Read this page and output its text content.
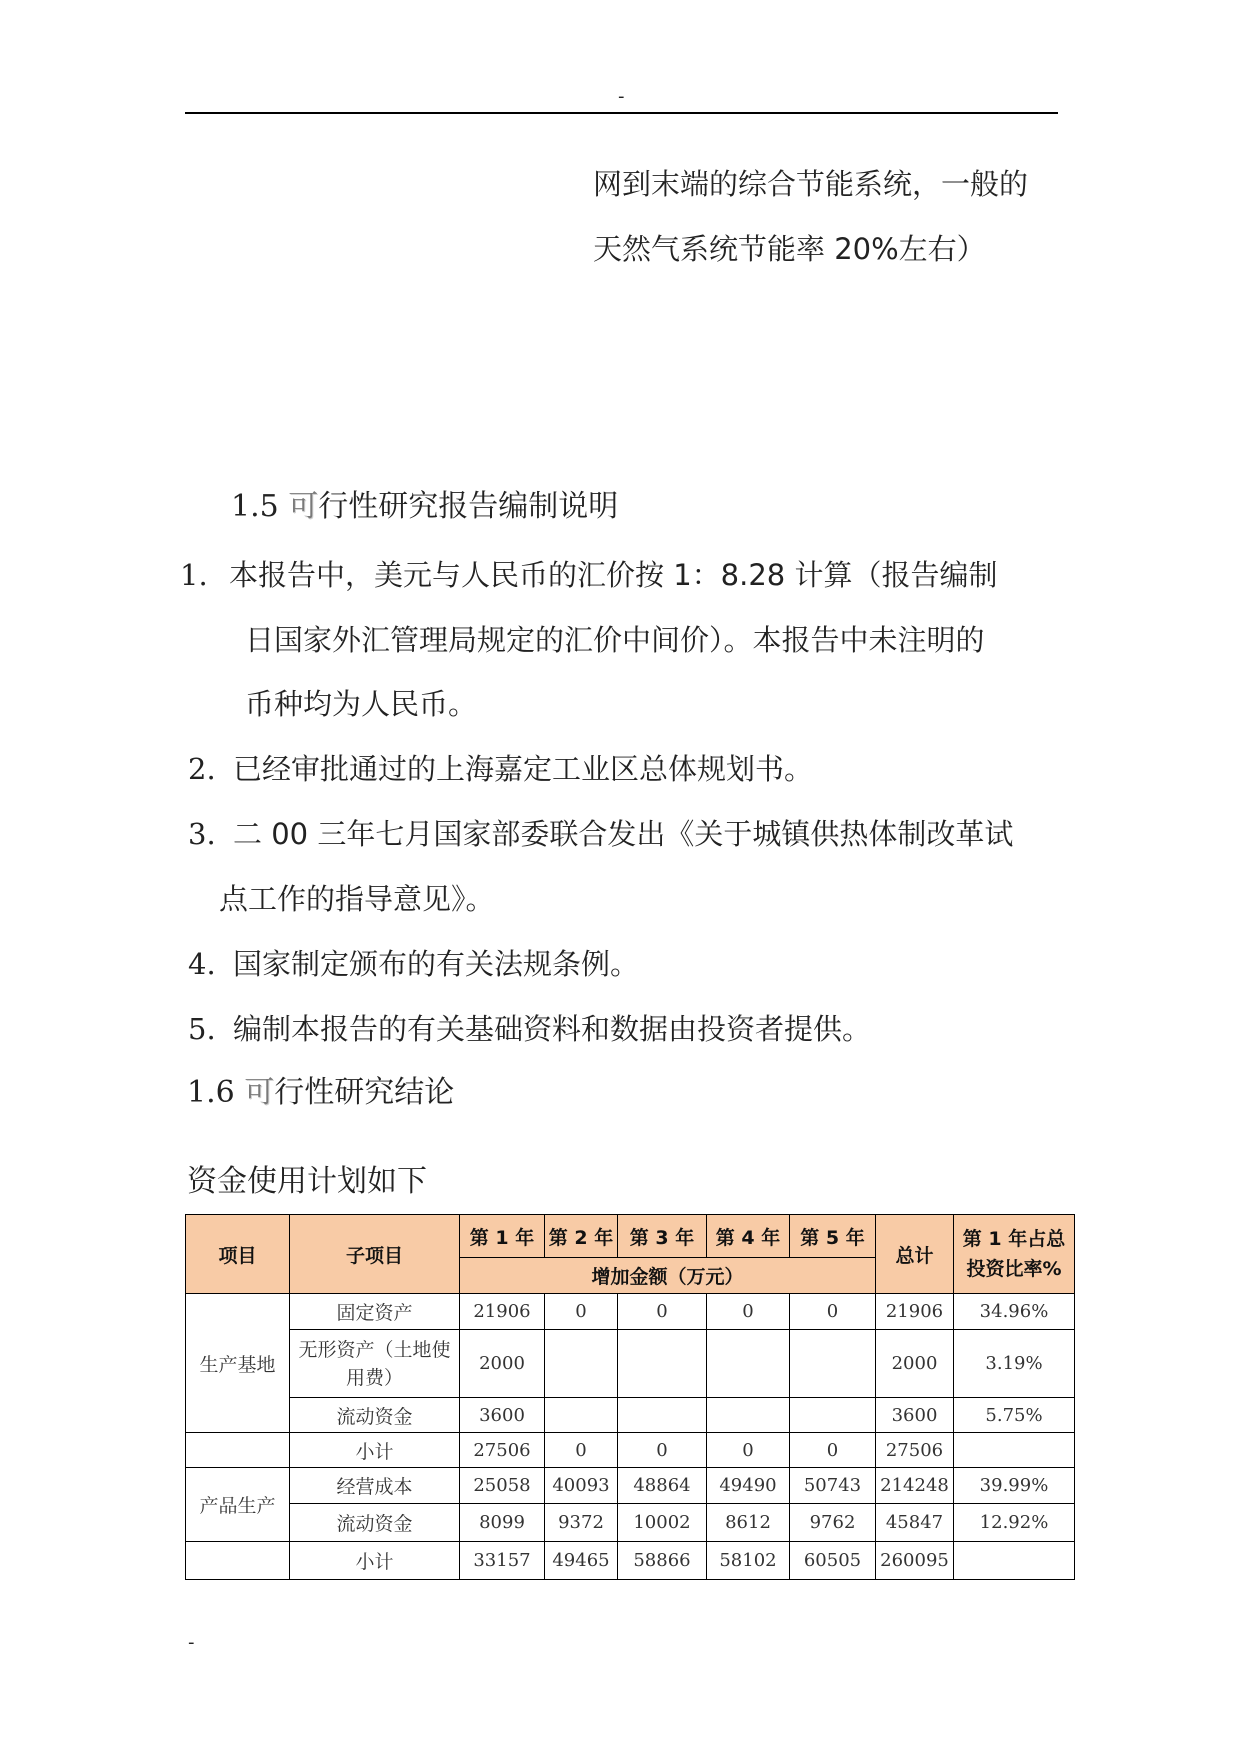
-
网到末端的综合节能系统，一般的
天然气系统节能率 20%左右）
1.5 可行性研究报告编制说明
1. 本报告中，美元与人民币的汇价按 1：8.28 计算（报告编制
日国家外汇管理局规定的汇价中间价）。本报告中未注明的
币种均为人民币。
2. 已经审批通过的上海嘉定工业区总体规划书。
3. 二 00 三年七月国家部委联合发出《关于城镇供热体制改革试
点工作的指导意见》。
4. 国家制定颁布的有关法规条例。
5. 编制本报告的有关基础资料和数据由投资者提供。
1.6 可行性研究结论
资金使用计划如下
项目	子项目	第 1 年	第 2 年	第 3 年	第 4 年	第 5 年	总计	第 1 年占总
投资比率%

		增加金额（万元）						
生产基地	固定资产	21906	0	0	0	0	21906	34.96%

	无形资产（土地使
用费）	2000					2000	3.19%
	流动资金	3600					3600	5.75%
	小计	27506	0	0	0	0	27506	
产品生产	经营成本	25058	40093	48864	49490	50743	214248	39.99%
	流动资金	8099	9372	10002	8612	9762	45847	12.92%
	小计	33157	49465	58866	58102	60505	260095	
-
